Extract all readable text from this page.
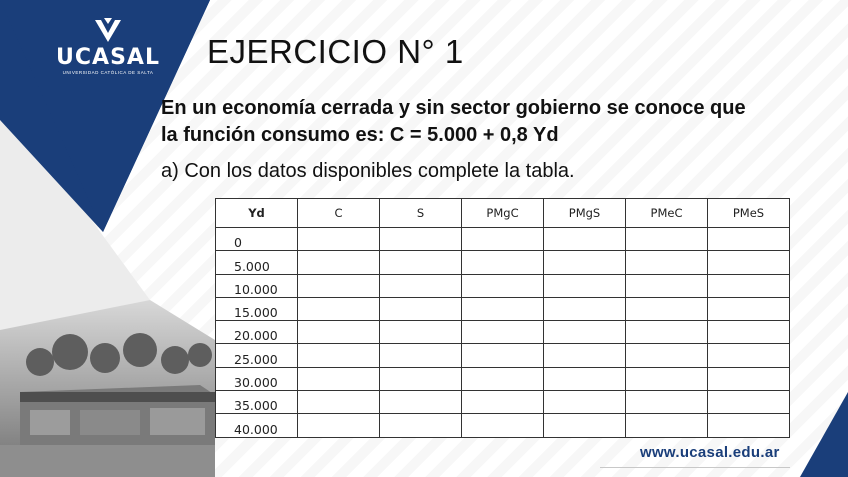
UCASAL
UNIVERSIDAD CATÓLICA DE SALTA
EJERCICIO N° 1
En un economía cerrada y sin sector gobierno se conoce que
la función consumo es: C = 5.000 + 0,8 Yd
a) Con los datos disponibles complete la tabla.
Yd	C	S	PMgC	PMgS	PMeC	PMeS
0						
5.000						
10.000						
15.000						
20.000						
25.000						
30.000						
35.000						
40.000						
www.ucasal.edu.ar
